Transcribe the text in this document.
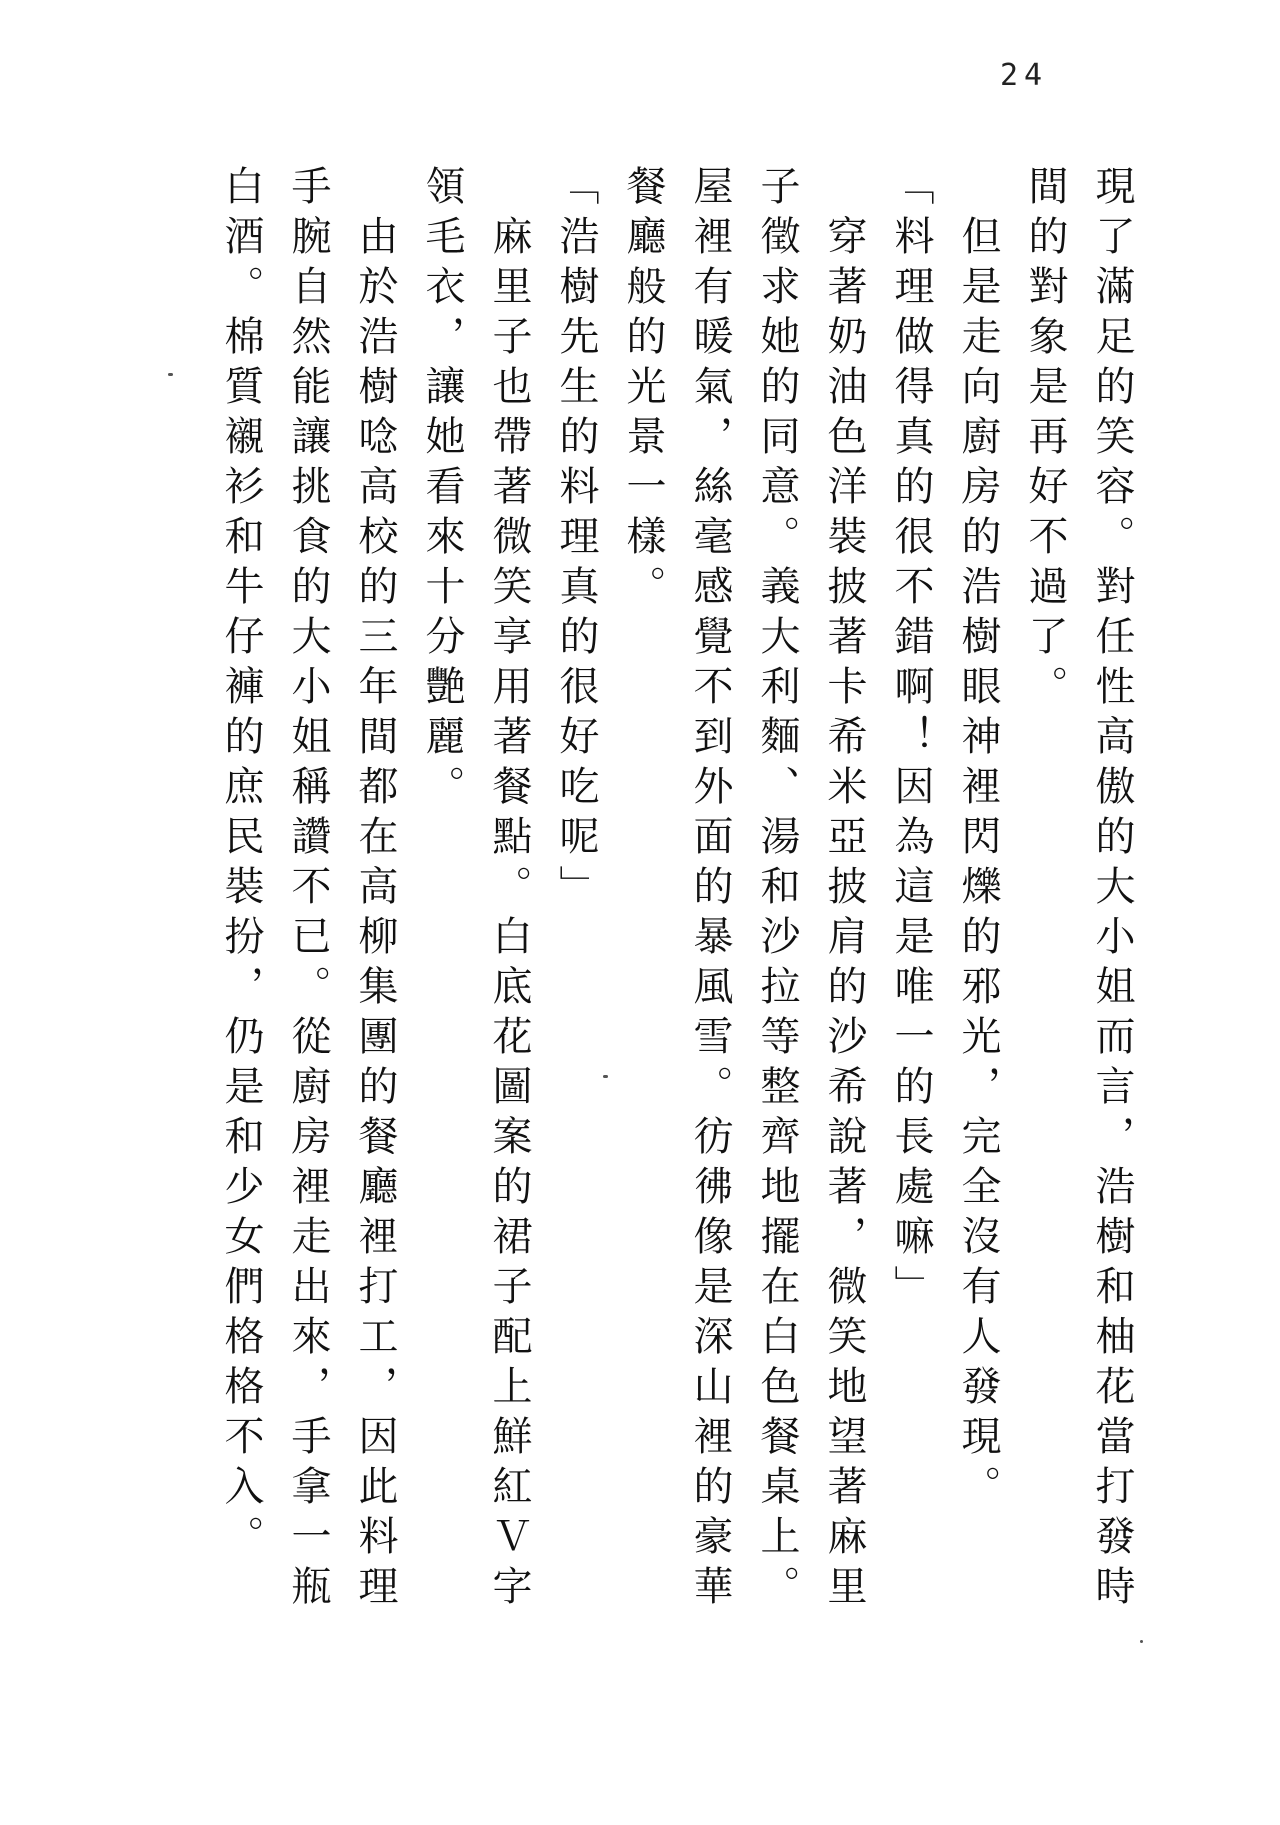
24
現了滿足的笑容。對任性高傲的大小姐而言，浩樹和柚花當打發時
間的對象是再好不過了。
　但是走向廚房的浩樹眼神裡閃爍的邪光，完全沒有人發現。
「料理做得真的很不錯啊！因為這是唯一的長處嘛」
　穿著奶油色洋裝披著卡希米亞披肩的沙希說著，微笑地望著麻里
子徵求她的同意。義大利麵、湯和沙拉等整齊地擺在白色餐桌上。
屋裡有暖氣，絲毫感覺不到外面的暴風雪。彷彿像是深山裡的豪華
餐廳般的光景一樣。
「浩樹先生的料理真的很好吃呢」
　麻里子也帶著微笑享用著餐點。白底花圖案的裙子配上鮮紅Ｖ字
領毛衣，讓她看來十分艷麗。
　由於浩樹唸高校的三年間都在高柳集團的餐廳裡打工，因此料理
手腕自然能讓挑食的大小姐稱讚不已。從廚房裡走出來，手拿一瓶
白酒。棉質襯衫和牛仔褲的庶民裝扮，仍是和少女們格格不入。
